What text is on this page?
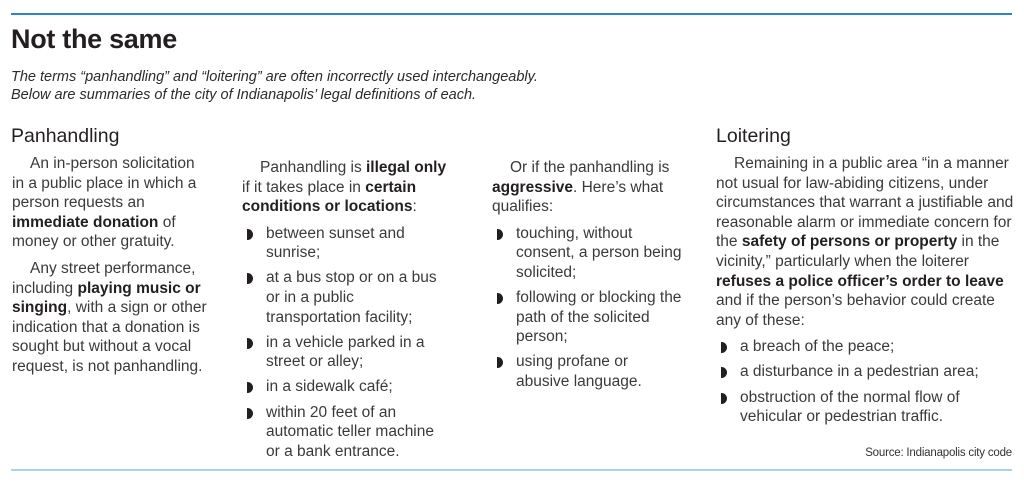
Not the same
The terms “panhandling” and “loitering” are often incorrectly used interchangeably.
Below are summaries of the city of Indianapolis’ legal definitions of each.
Panhandling

An in-person solicitation in a public place in which a person requests an immediate donation of money or other gratuity.

Any street performance, including playing music or singing, with a sign or other indication that a donation is sought but without a vocal request, is not panhandling.

Panhandling is illegal only if it takes place in certain conditions or locations:

between sunset and sunrise;
at a bus stop or on a bus or in a public transportation facility;
in a vehicle parked in a street or alley;
in a sidewalk café;
within 20 feet of an automatic teller machine or a bank entrance.

Or if the panhandling is aggressive. Here’s what qualifies:

touching, without consent, a person being solicited;
following or blocking the path of the solicited person;
using profane or abusive language.
Loitering

Remaining in a public area “in a manner not usual for law-abiding citizens, under circumstances that warrant a justifiable and reasonable alarm or immediate concern for the safety of persons or property in the vicinity,” particularly when the loiterer refuses a police officer’s order to leave and if the person’s behavior could create any of these:

a breach of the peace;
a disturbance in a pedestrian area;
obstruction of the normal flow of vehicular or pedestrian traffic.
Source: Indianapolis city code
